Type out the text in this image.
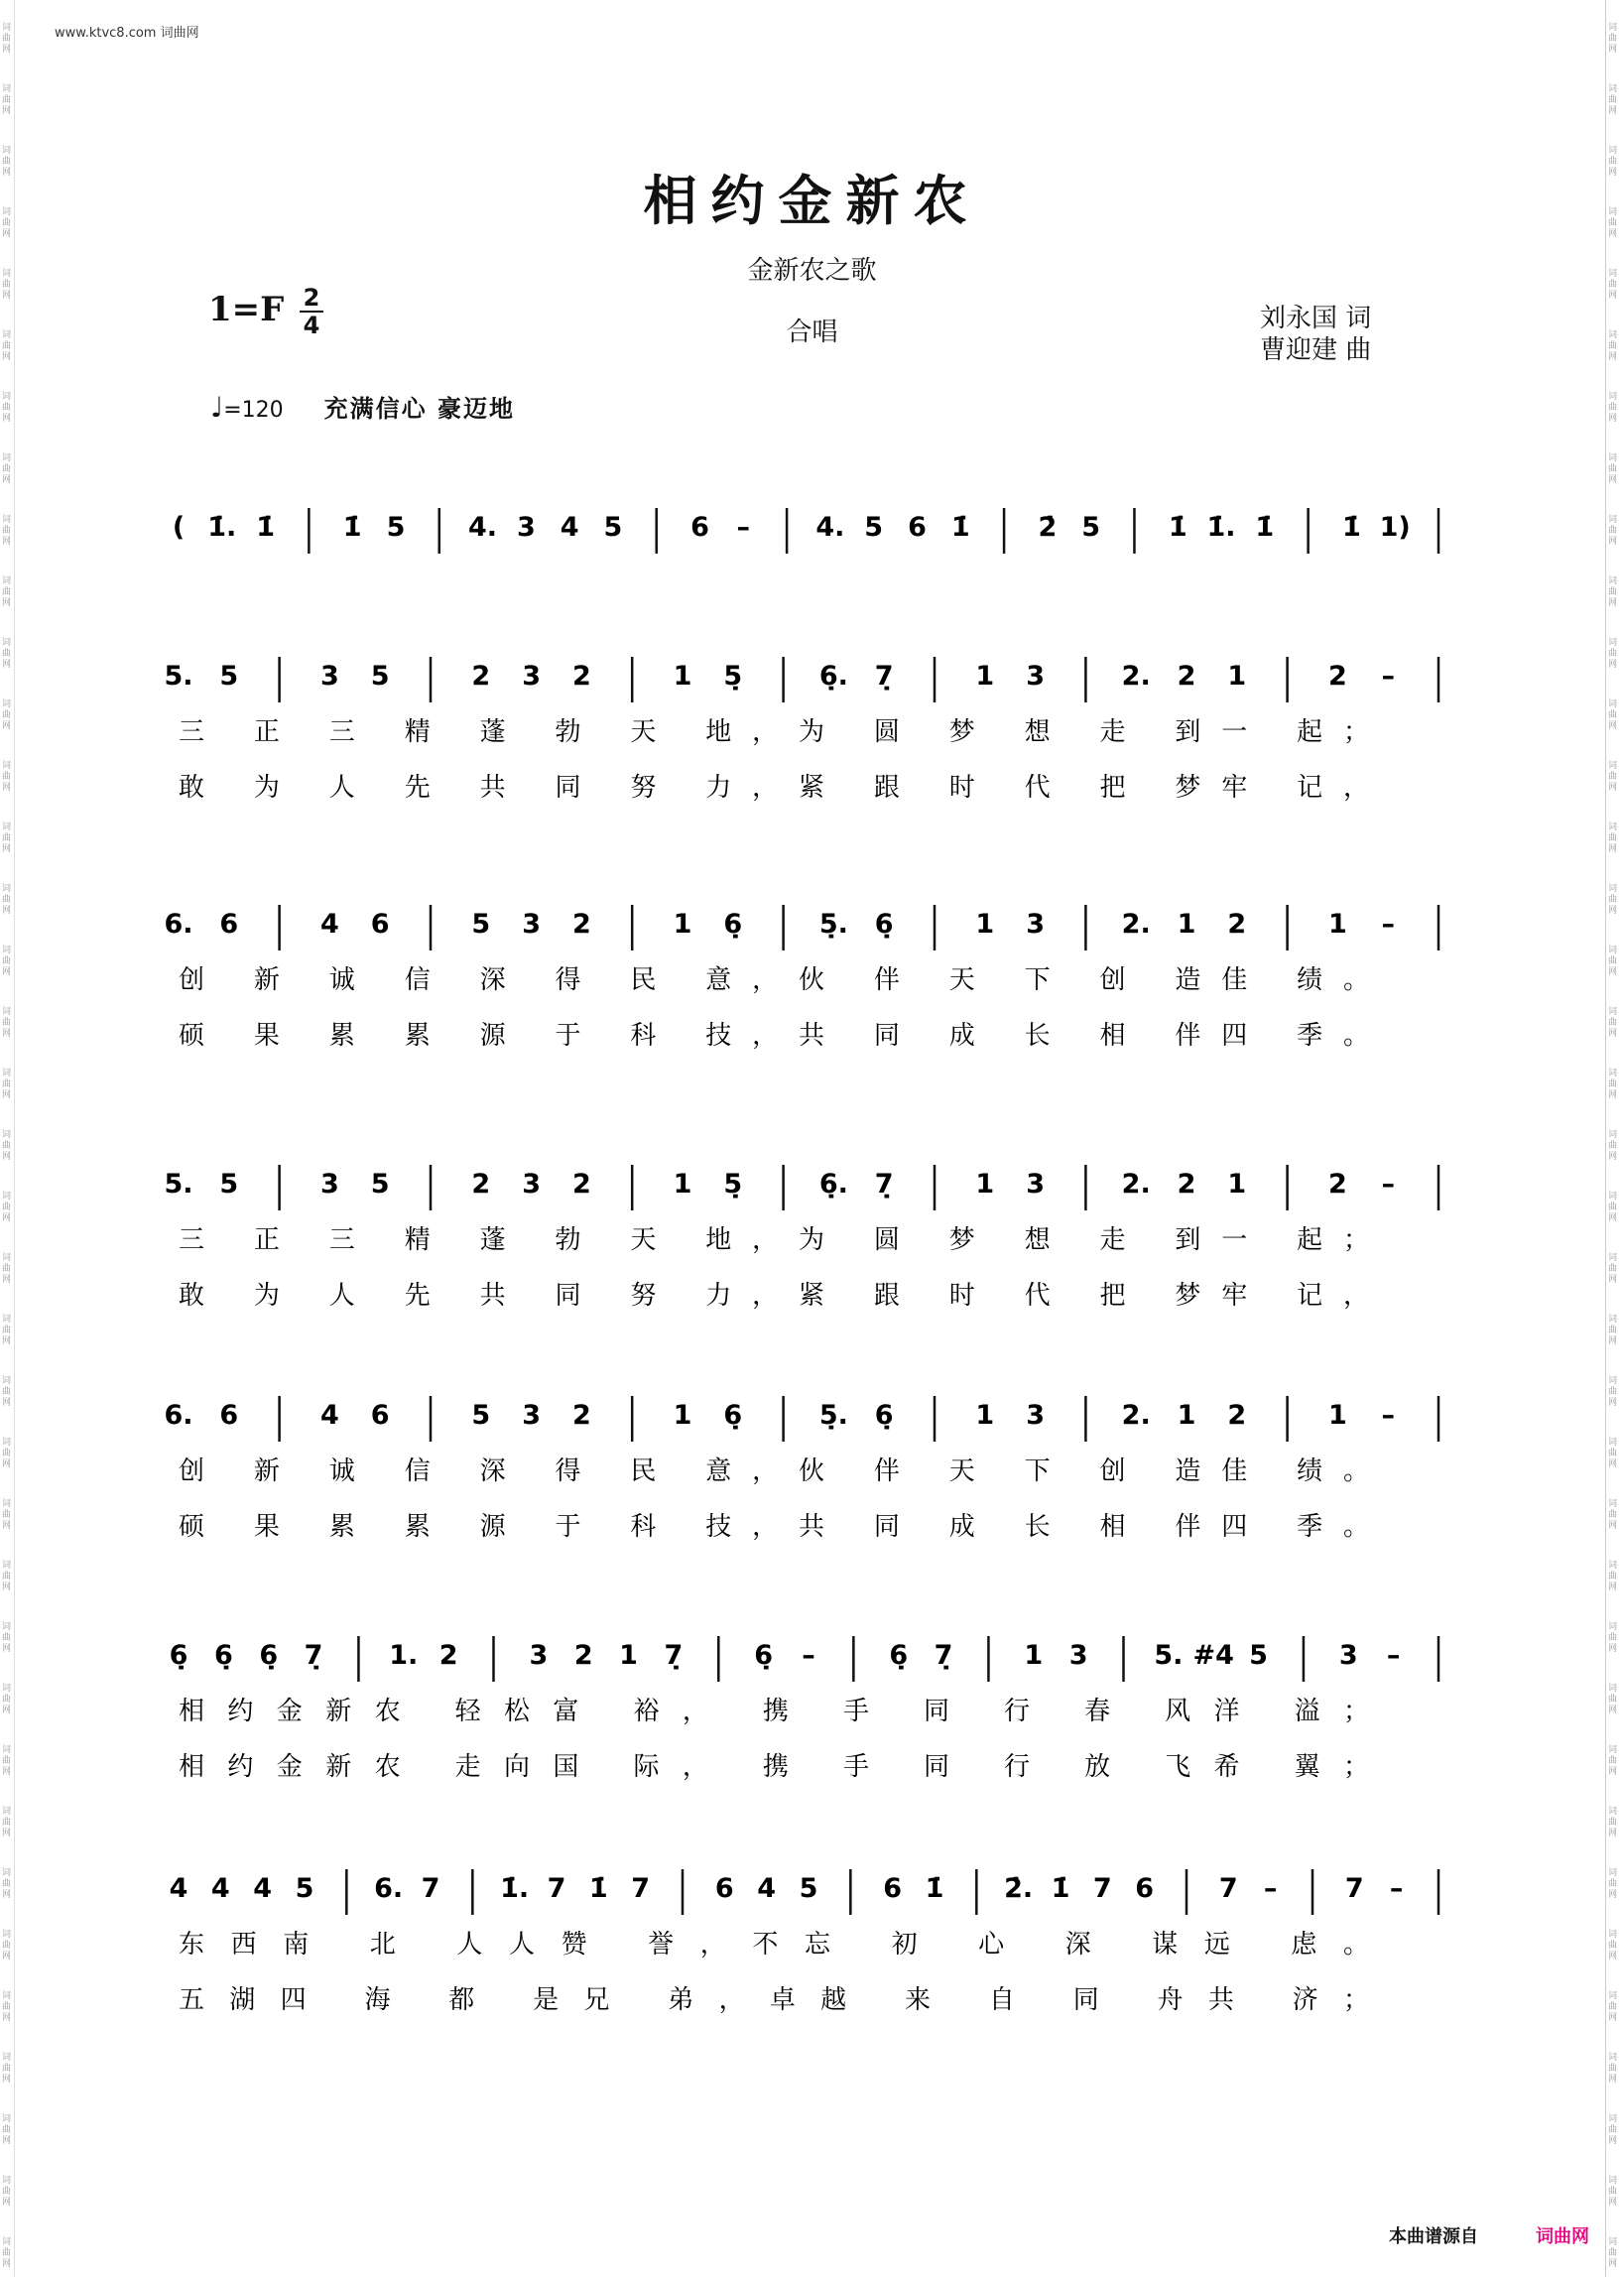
词
曲
网
词
曲
网
词
曲
网
词
曲
网
词
曲
网
词
曲
网
词
曲
网
词
曲
网
词
曲
网
词
曲
网
词
曲
网
词
曲
网
词
曲
网
词
曲
网
词
曲
网
词
曲
网
词
曲
网
词
曲
网
词
曲
网
词
曲
网
词
曲
网
词
曲
网
词
曲
网
词
曲
网
词
曲
网
词
曲
网
词
曲
网
词
曲
网
词
曲
网
词
曲
网
词
曲
网
词
曲
网
词
曲
网
词
曲
网
词
曲
网
词
曲
网
词
曲
网
词
曲
网
词
曲
网
词
曲
网
词
曲
网
词
曲
网
词
曲
网
词
曲
网
词
曲
网
词
曲
网
词
曲
网
词
曲
网
词
曲
网
词
曲
网
词
曲
网
词
曲
网
词
曲
网
词
曲
网
词
曲
网
词
曲
网
词
曲
网
词
曲
网
词
曲
网
词
曲
网
词
曲
网
词
曲
网
词
曲
网
词
曲
网
词
曲
网
词
曲
网
词
曲
网
词
曲
网
词
曲
网
词
曲
网
词
曲
网
词
曲
网
词
曲
网
词
曲
网
www.ktvc8.com 词曲网
相约金新农
金新农之歌
合唱
1=F 2
4	刘永国 词
曹迎建 曲
♩=120 充满信心 豪迈地
( 1̇. 1̇	1̇ 5 4. 3 4 5	6 – 4. 5 6 1̇	2̇ 5	1̇ 1̇. 1̇	1̇ 1)
5. 5	3 5	2 3 2	1 5̣	6̣. 7̣	1 3	2. 2 1	2 –
三 正 三 精 蓬 勃 天 地，为 圆 梦 想 走 到一 起；
敢 为 人 先 共 同 努 力，紧 跟 时 代 把 梦牢 记，
6. 6	4 6	5 3 2	1 6̣	5̣. 6̣	1 3	2. 1 2	1 –
创 新 诚 信 深 得 民 意，伙 伴 天 下 创 造佳 绩。
硕 果 累 累 源 于 科 技，共 同 成 长 相 伴四 季。
5. 5	3 5	2 3 2	1 5̣	6̣. 7̣	1 3	2. 2 1	2 –
三 正 三 精 蓬 勃 天 地，为 圆 梦 想 走 到一 起；
敢 为 人 先 共 同 努 力，紧 跟 时 代 把 梦牢 记，
6. 6	4 6	5 3 2	1 6̣	5̣. 6̣	1 3	2. 1 2	1 –
创 新 诚 信 深 得 民 意，伙 伴 天 下 创 造佳 绩。
硕 果 累 累 源 于 科 技，共 同 成 长 相 伴四 季。
6̣ 6̣ 6̣ 7̣ 1. 2	3 2 1 7̣	6̣ –	6̣ 7̣	1 3 5. #4 5	3 –
相约金新农 轻松富 裕， 携 手 同 行 春 风洋 溢；
相约金新农 走向国 际， 携 手 同 行 放 飞希 翼；
4 4 4 5 6. 7 1̇. 7 1̇ 7 6 4 5 6 1̇ 2̇. 1̇ 7 6 7 –	7 –
东西南 北 人人赞 誉，不忘 初 心 深 谋远 虑。
五湖四 海 都 是兄 弟，卓越 来 自 同 舟共 济；
本曲谱源自	词曲网
